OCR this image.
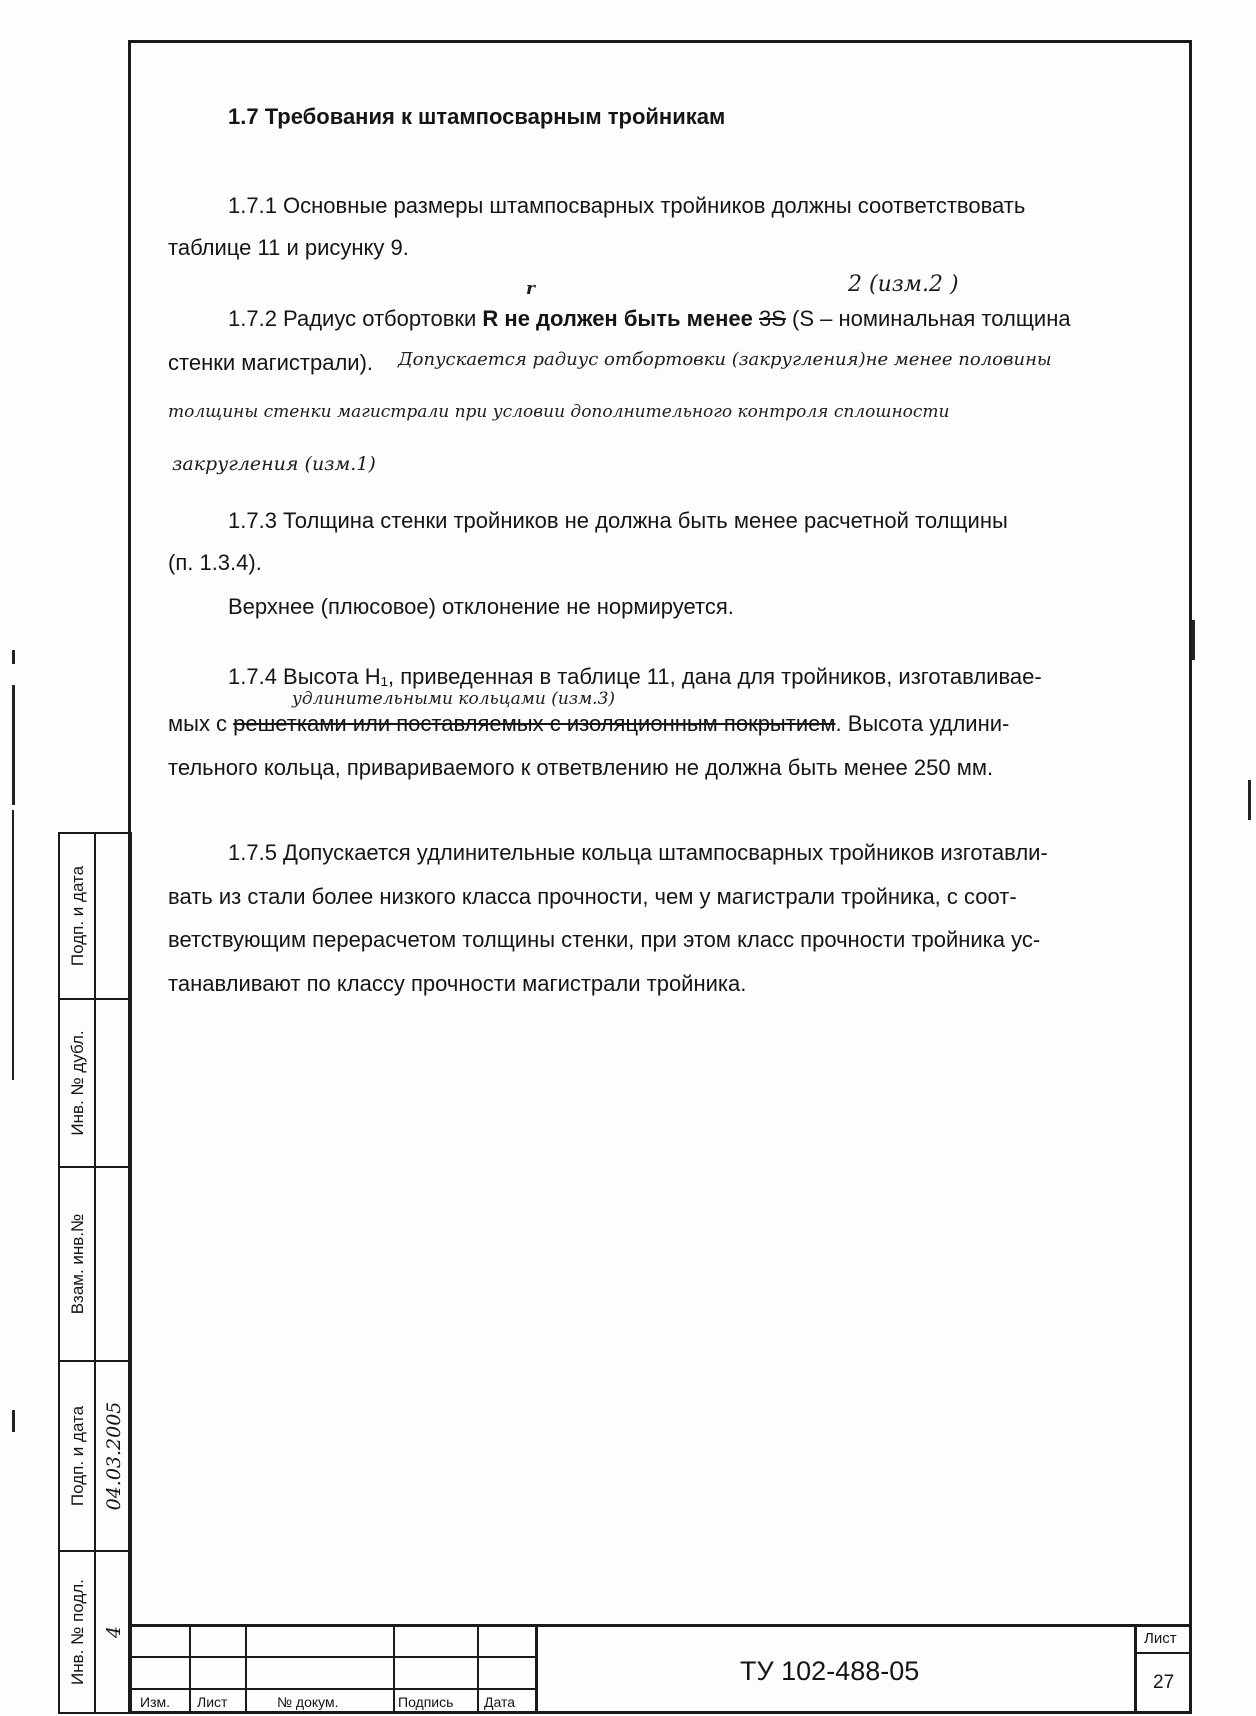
1.7 Требования к штампосварным тройникам
1.7.1 Основные размеры штампосварных тройников должны соответствовать
таблице 11 и рисунку 9.
2 (изм.2 )
r
1.7.2 Радиус отбортовки R не должен быть менее 3S (S – номинальная толщина
стенки магистрали). Допускается радиус отбортовки (закругления)не менее половины
толщины стенки магистрали при условии дополнительного контроля сплошности
закругления (изм.1)
1.7.3 Толщина стенки тройников не должна быть менее расчетной толщины
(п. 1.3.4).
Верхнее (плюсовое) отклонение не нормируется.
1.7.4 Высота H₁, приведенная в таблице 11, дана для тройников, изготавливае-
удлинительными кольцами (изм.3)
мых с решетками или поставляемых с изоляционным покрытием. Высота удлини-
тельного кольца, привариваемого к ответвлению не должна быть менее 250 мм.
1.7.5 Допускается удлинительные кольца штампосварных тройников изготавли-
вать из стали более низкого класса прочности, чем у магистрали тройника, с соот-
ветствующим перерасчетом толщины стенки, при этом класс прочности тройника ус-
танавливают по классу прочности магистрали тройника.
Подп. и дата
Инв. № дубл.
Взам. инв.№
Подп. и дата 04.03.2005
Инв. № подл. 4
Изм. Лист	№ докум.	Подпись Дата
ТУ 102-488-05
Лист
27
